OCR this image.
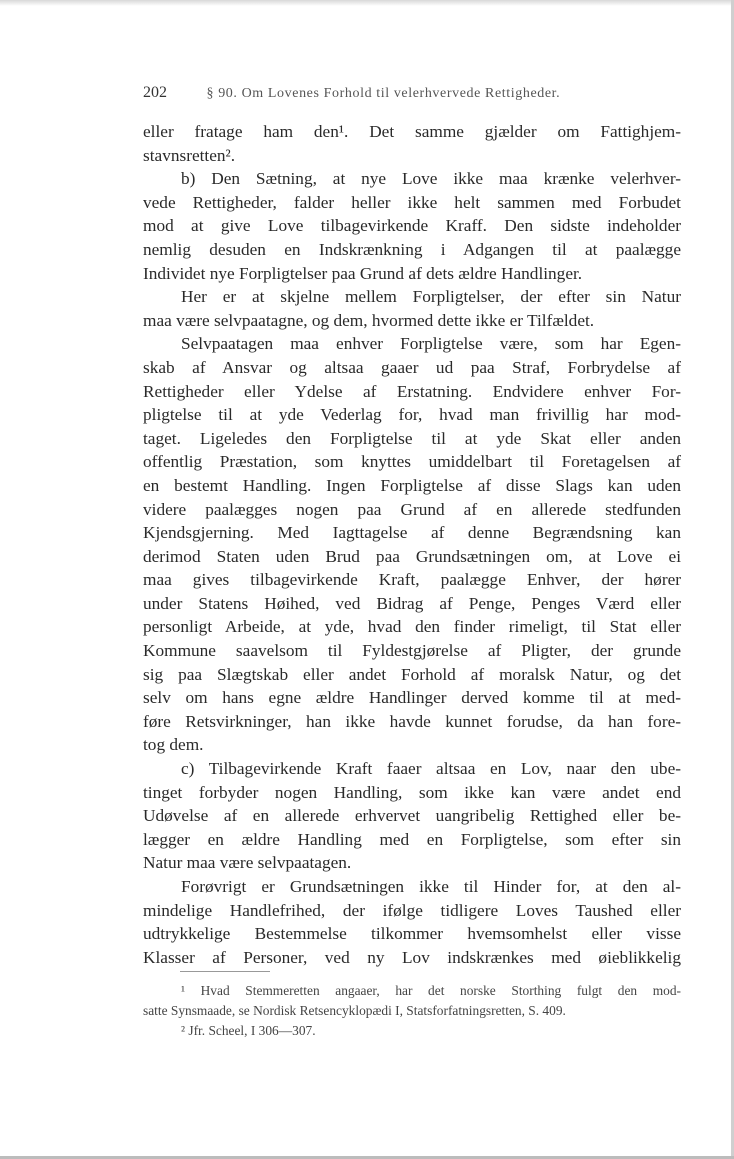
202	§ 90. Om Lovenes Forhold til velerhvervede Rettigheder.
eller fratage ham den¹. Det samme gjælder om Fattighjem-
stavnsretten².
b) Den Sætning, at nye Love ikke maa krænke velerhver-
vede Rettigheder, falder heller ikke helt sammen med Forbudet
mod at give Love tilbagevirkende Kraff. Den sidste indeholder
nemlig desuden en Indskrænkning i Adgangen til at paalægge
Individet nye Forpligtelser paa Grund af dets ældre Handlinger.
Her er at skjelne mellem Forpligtelser, der efter sin Natur
maa være selvpaatagne, og dem, hvormed dette ikke er Tilfældet.
Selvpaatagen maa enhver Forpligtelse være, som har Egen-
skab af Ansvar og altsaa gaaer ud paa Straf, Forbrydelse af
Rettigheder eller Ydelse af Erstatning. Endvidere enhver For-
pligtelse til at yde Vederlag for, hvad man frivillig har mod-
taget. Ligeledes den Forpligtelse til at yde Skat eller anden
offentlig Præstation, som knyttes umiddelbart til Foretagelsen af
en bestemt Handling. Ingen Forpligtelse af disse Slags kan uden
videre paalægges nogen paa Grund af en allerede stedfunden
Kjendsgjerning. Med Iagttagelse af denne Begrændsning kan
derimod Staten uden Brud paa Grundsætningen om, at Love ei
maa gives tilbagevirkende Kraft, paalægge Enhver, der hører
under Statens Høihed, ved Bidrag af Penge, Penges Værd eller
personligt Arbeide, at yde, hvad den finder rimeligt, til Stat eller
Kommune saavelsom til Fyldestgjørelse af Pligter, der grunde
sig paa Slægtskab eller andet Forhold af moralsk Natur, og det
selv om hans egne ældre Handlinger derved komme til at med-
føre Retsvirkninger, han ikke havde kunnet forudse, da han fore-
tog dem.
c) Tilbagevirkende Kraft faaer altsaa en Lov, naar den ube-
tinget forbyder nogen Handling, som ikke kan være andet end
Udøvelse af en allerede erhvervet uangribelig Rettighed eller be-
lægger en ældre Handling med en Forpligtelse, som efter sin
Natur maa være selvpaatagen.
Forøvrigt er Grundsætningen ikke til Hinder for, at den al-
mindelige Handlefrihed, der ifølge tidligere Loves Taushed eller
udtrykkelige Bestemmelse tilkommer hvemsomhelst eller visse
Klasser af Personer, ved ny Lov indskrænkes med øieblikkelig
¹ Hvad Stemmeretten angaaer, har det norske Storthing fulgt den mod-
satte Synsmaade, se Nordisk Retsencyklopædi I, Statsforfatningsretten, S. 409.
² Jfr. Scheel, I 306—307.
